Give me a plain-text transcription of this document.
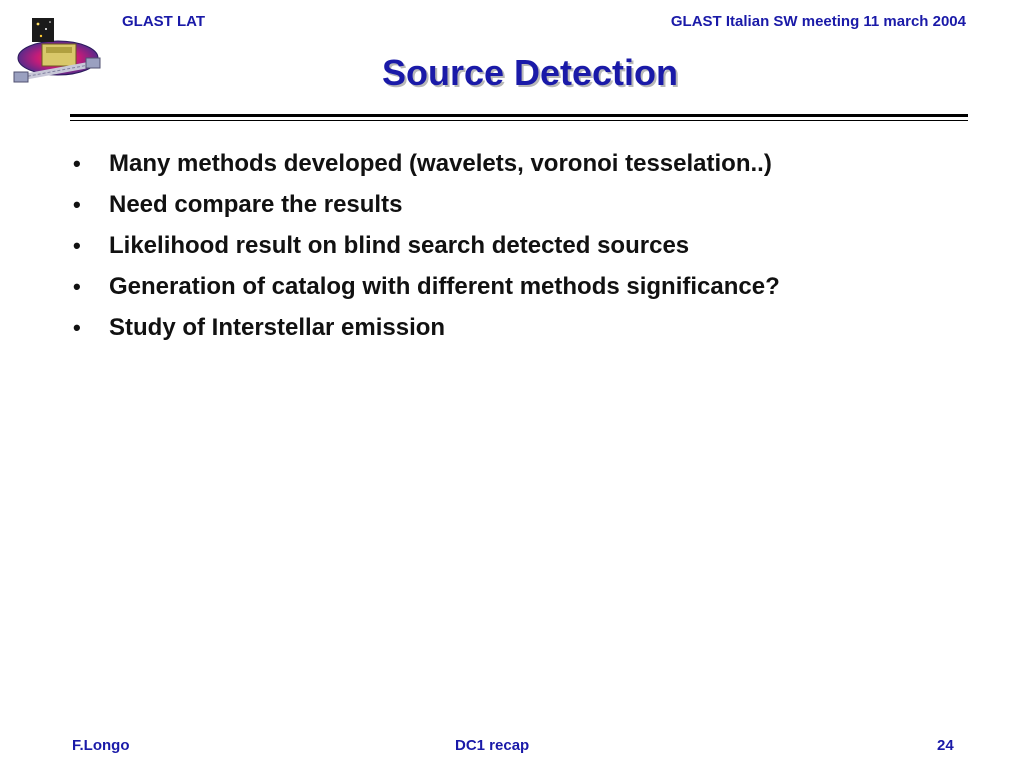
GLAST LAT	GLAST Italian SW meeting 11 march 2004
Source Detection
• Many methods developed (wavelets, voronoi tesselation..)
• Need compare the results
• Likelihood result on blind search detected sources
• Generation of catalog with different methods significance?
• Study of Interstellar emission
F.Longo	DC1 recap	24
